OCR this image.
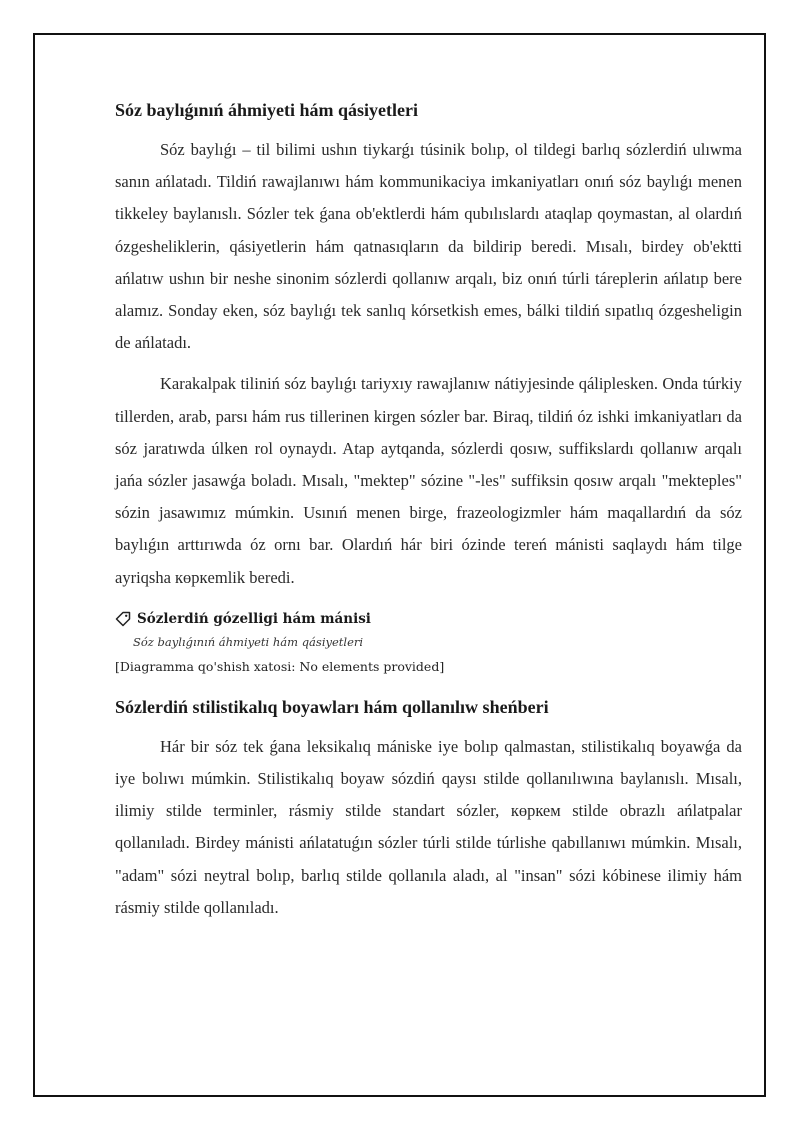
Sóz baylıǵınıń áhmiyeti hám qásiyetleri

Sóz baylıǵı – til bilimi ushın tiykarǵı túsinik bolıp, ol tildegi barlıq sózlerdiń ulıwma sanın ańlatadı. Tildiń rawajlanıwı hám kommunikaciya imkaniyatları onıń sóz baylıǵı menen tikkeley baylanıslı. Sózler tek ǵana ob'ektlerdi hám qubılıslardı ataqlap qoymastan, al olardıń ózgesheliklerin, qásiyetlerin hám qatnasıqların da bildirip beredi. Mısalı, birdey ob'ektti ańlatıw ushın bir neshe sinonim sózlerdi qollanıw arqalı, biz onıń túrli táreplerin ańlatıp bere alamız. Sonday eken, sóz baylıǵı tek sanlıq kórsetkish emes, bálki tildiń sıpatlıq ózgesheligin de ańlatadı.

Karakalpak tiliniń sóz baylıǵı tariyxıy rawajlanıw nátiyjesinde qáliplesken. Onda túrkiy tillerden, arab, parsı hám rus tillerinen kirgen sózler bar. Biraq, tildiń óz ishki imkaniyatları da sóz jaratıwda úlken rol oynaydı. Atap aytqanda, sózlerdi qosıw, suffikslardı qollanıw arqalı jańa sózler jasawǵa boladı. Mısalı, "mektep" sózine "-les" suffiksin qosıw arqalı "mekteples" sózin jasawımız múmkin. Usınıń menen birge, frazeologizmler hám maqallardıń da sóz baylıǵın arttırıwda óz ornı bar. Olardıń hár biri ózinde tereń mánisti saqlaydı hám tilge ayriqsha көркemlik beredi.

Sózlerdiń gózelligi hám mánisi
Sóz baylıǵınıń áhmiyeti hám qásiyetleri
[Diagramma qo'shish xatosi: No elements provided]
Sózlerdiń stilistikalıq boyawları hám qollanılıw sheńberi

Hár bir sóz tek ǵana leksikalıq mániske iye bolıp qalmastan, stilistikalıq boyawǵa da iye bolıwı múmkin. Stilistikalıq boyaw sózdiń qaysı stilde qollanılıwına baylanıslı. Mısalı, ilimiy stilde terminler, rásmiy stilde standart sózler, көркем stilde obrazlı ańlatpalar qollanıladı. Birdey mánisti ańlatatuǵın sózler túrli stilde túrlishe qabıllanıwı múmkin. Mısalı, "adam" sózi neytral bolıp, barlıq stilde qollanıla aladı, al "insan" sózi kóbinese ilimiy hám rásmiy stilde qollanıladı.
